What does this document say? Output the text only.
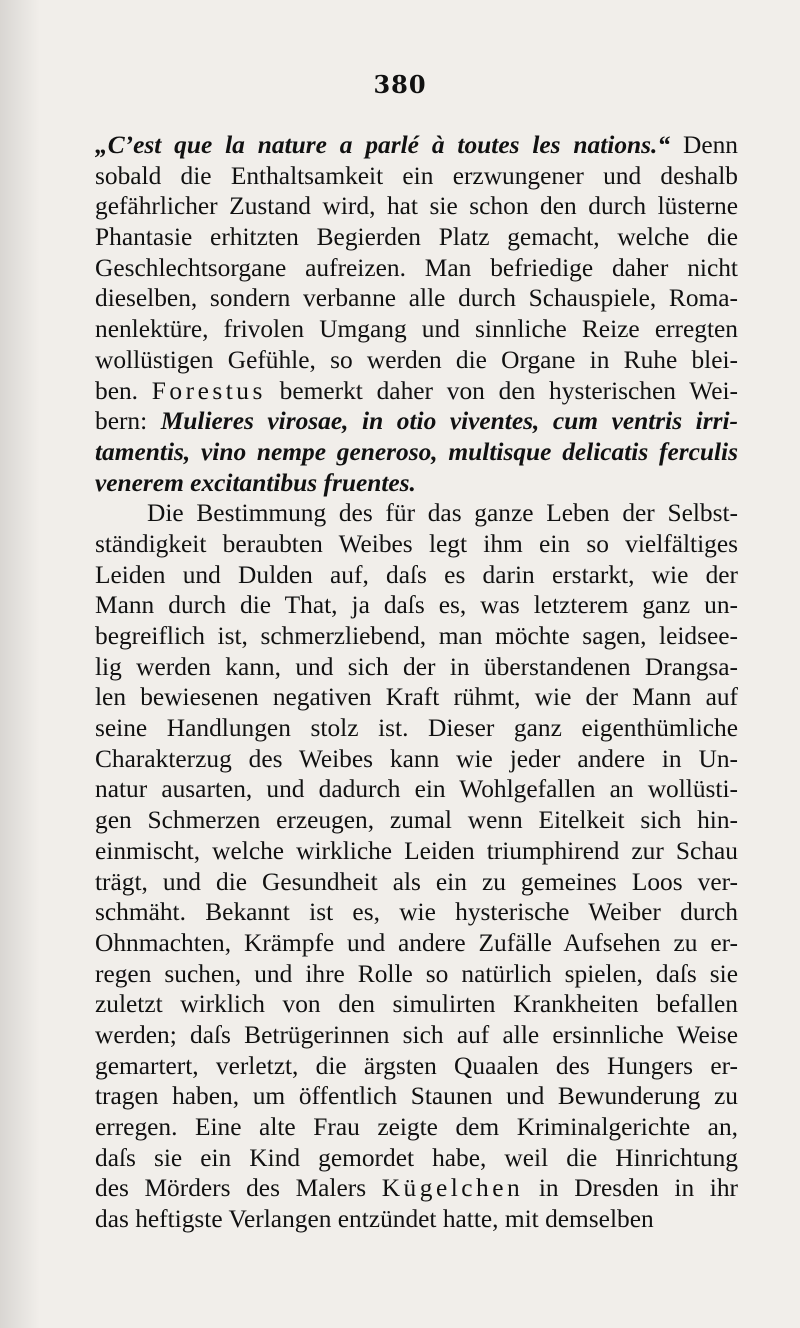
380
„C’est que la nature a parlé à toutes les nations.“ Denn
sobald die Enthaltsamkeit ein erzwungener und deshalb
gefährlicher Zustand wird, hat sie schon den durch lüsterne
Phantasie erhitzten Begierden Platz gemacht, welche die
Geschlechtsorgane aufreizen. Man befriedige daher nicht
dieselben, sondern verbanne alle durch Schauspiele, Roma-
nenlektüre, frivolen Umgang und sinnliche Reize erregten
wollüstigen Gefühle, so werden die Organe in Ruhe blei-
ben. Forestus bemerkt daher von den hysterischen Wei-
bern: Mulieres virosae, in otio viventes, cum ventris irri-
tamentis, vino nempe generoso, multisque delicatis ferculis
venerem excitantibus fruentes.
Die Bestimmung des für das ganze Leben der Selbst-
ständigkeit beraubten Weibes legt ihm ein so vielfältiges
Leiden und Dulden auf, daſs es darin erstarkt, wie der
Mann durch die That, ja daſs es, was letzterem ganz un-
begreiflich ist, schmerzliebend, man möchte sagen, leidsee-
lig werden kann, und sich der in überstandenen Drangsa-
len bewiesenen negativen Kraft rühmt, wie der Mann auf
seine Handlungen stolz ist. Dieser ganz eigenthümliche
Charakterzug des Weibes kann wie jeder andere in Un-
natur ausarten, und dadurch ein Wohlgefallen an wollüsti-
gen Schmerzen erzeugen, zumal wenn Eitelkeit sich hin-
einmischt, welche wirkliche Leiden triumphirend zur Schau
trägt, und die Gesundheit als ein zu gemeines Loos ver-
schmäht. Bekannt ist es, wie hysterische Weiber durch
Ohnmachten, Krämpfe und andere Zufälle Aufsehen zu er-
regen suchen, und ihre Rolle so natürlich spielen, daſs sie
zuletzt wirklich von den simulirten Krankheiten befallen
werden; daſs Betrügerinnen sich auf alle ersinnliche Weise
gemartert, verletzt, die ärgsten Quaalen des Hungers er-
tragen haben, um öffentlich Staunen und Bewunderung zu
erregen. Eine alte Frau zeigte dem Kriminalgerichte an,
daſs sie ein Kind gemordet habe, weil die Hinrichtung
des Mörders des Malers Kügelchen in Dresden in ihr
das heftigste Verlangen entzündet hatte, mit demselben
